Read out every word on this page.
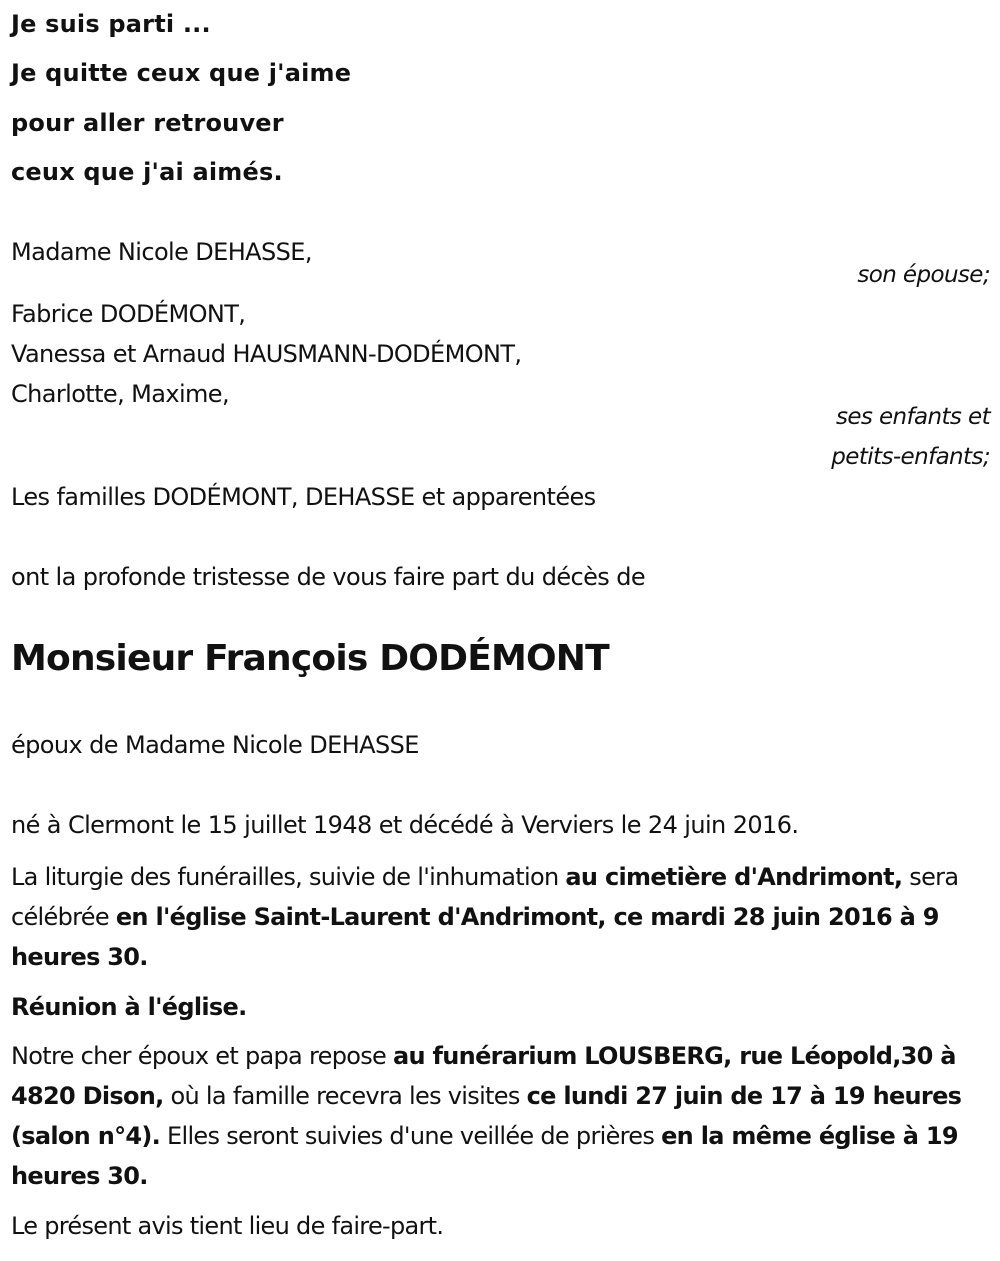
Je suis parti ...
Je quitte ceux que j'aime
pour aller retrouver
ceux que j'ai aimés.
Madame Nicole DEHASSE,
son épouse;
Fabrice DODÉMONT,
Vanessa et Arnaud HAUSMANN-DODÉMONT,
Charlotte, Maxime,
ses enfants et
petits-enfants;
Les familles DODÉMONT, DEHASSE et apparentées
ont la profonde tristesse de vous faire part du décès de
Monsieur François DODÉMONT
époux de Madame Nicole DEHASSE
né à Clermont le 15 juillet 1948 et décédé à Verviers le 24 juin 2016.
La liturgie des funérailles, suivie de l'inhumation au cimetière d'Andrimont, sera célébrée en l'église Saint-Laurent d'Andrimont, ce mardi 28 juin 2016 à 9 heures 30.
Réunion à l'église.
Notre cher époux et papa repose au funérarium LOUSBERG, rue Léopold,30 à 4820 Dison, où la famille recevra les visites ce lundi 27 juin de 17 à 19 heures (salon n°4). Elles seront suivies d'une veillée de prières en la même église à 19 heures 30.
Le présent avis tient lieu de faire-part.
